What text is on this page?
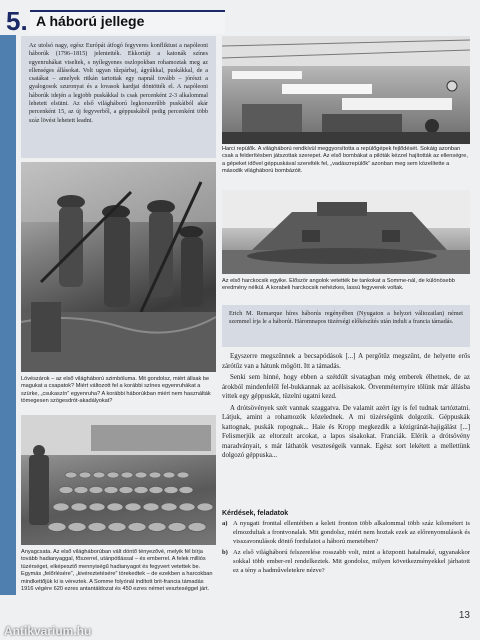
5. A háború jellege

Az utolsó nagy, egész Európát átfogó fegyveres konfliktust a napóleoni háborúk (1796–1815) jelentették. Ekkortájt a katonák színes egyenruhákat viseltek, s nyílegyenes oszlopokban rohamoztak meg az ellenséges állásokat. Volt ugyan tűzpárbaj, ágyúkkal, puskákkal, de a csatákat – amelyek ritkán tartottak egy napnál tovább – jórészt a gyalogosok szuronyai és a lovasok kardjai döntötték el. A napóleoni háborúk idején a legjobb puskákkal is csak percenként 2-3 alkalommal lehetett elsütni. Az első világháború legkorszerűbb puskáiból akár percenként 15, az új fegyverből, a géppuskából pedig percenként több száz lövést lehetett leadni.

Lövészárok – az első világháború szimbóluma. Mit gondolsz, miért állsak be magukat a csapatok? Miért változott fel a korábbi színes egyenruhákat a szürke, „csukaszín” egyenruha? A korábbi háborúkban miért nem használták tömegesen szögesdrót-akadályokat?
Harci repülők. A világháború rendkívül meggyorsította a repülőgépek fejlődését. Sokáig azonban csak a felderítésben játszottak szerepet. Az első bombákat a pilóták kézzel hajították az ellenségre, a gépeket idővel géppuskával szerelték fel, „vadászrepülők” azonban meg sem közelítette a második világháború bombázóit.
Az első harckocsik egyike. Először angolok vetették be tankokat a Somme-nál, de különösebb eredmény nélkül. A korabeli harckocsik nehézkes, lassú fegyverek voltak.
Erich M. Remarque híres háborús regényében (Nyugaton a helyzet változatlan) német szemmel írja le a háborút. Háromnapos tüzérségi előkészítés után indult a francia támadás.

Egyszerre megszűnnek a becsapódások [...] A pergőtűz megszűnt, de helyette erős zárótűz van a hátunk mögött. Itt a támadás.

Senki sem hinné, hogy ebben a szétdúlt sivatagban még emberek élhetnek, de az árokból mindenfelől fel-bukkannak az acélsisakok. Ötvenméternyire tőlünk már állásba vittek egy géppuskát, tüzelni ugatni kezd.

A drótsövények szét vannak szaggatva. De valamit azért így is fel tudnak tartóztatni. Látjuk, amint a rohamozók közelednek. A mi tüzérségünk dolgozik. Géppuskák kattognak, puskák ropognak... Haie és Kropp megkezdik a kézigránát-hajigálást [...] Felismerjük az eltorzult arcokat, a lapos sisakokat. Franciák. Elérik a drótsövény maradványait, s már láthatók veszteségeik vannak. Egész sort lekétett a mellettünk dolgozó géppuska...

Anyagcsata. Az első világháborúban vált döntő tényezővé, melyik fél bírja tovább hadianyaggal, főszerrel, utánpótlással – és emberrel. A felek milliós tüzérséget, elképesztő mennyiségű hadianyagot és fegyvert vetettek be. Egymás „felőrlésére”, „kivéreztetésére” törekedtek – de ezekben a harcokban mindkettőjük ki is véreztek. A Somme folyónál indított brit-francia támadás 1916 végére 620 ezres antantáldozat és 450 ezres német veszteséggel járt.
Kérdések, feladatok
a) A nyugati fronttal ellentétben a keleti fronton több alkalommal több száz kilométert is elmozdultak a frontvonalak. Mit gondolsz, miért nem hoztak ezek az előrenyomulások és visszavonulások döntő fordulatot a háború menetében?
b) Az első világháború felszerelése rosszabb volt, mint a központi hatalmaké, ugyanakkor sokkal több ember-rel rendelkeztek. Mit gondolsz, milyen következményekkel járhatott ez a tény a hadműveletekre nézve?
13
Antikvarium.hu
